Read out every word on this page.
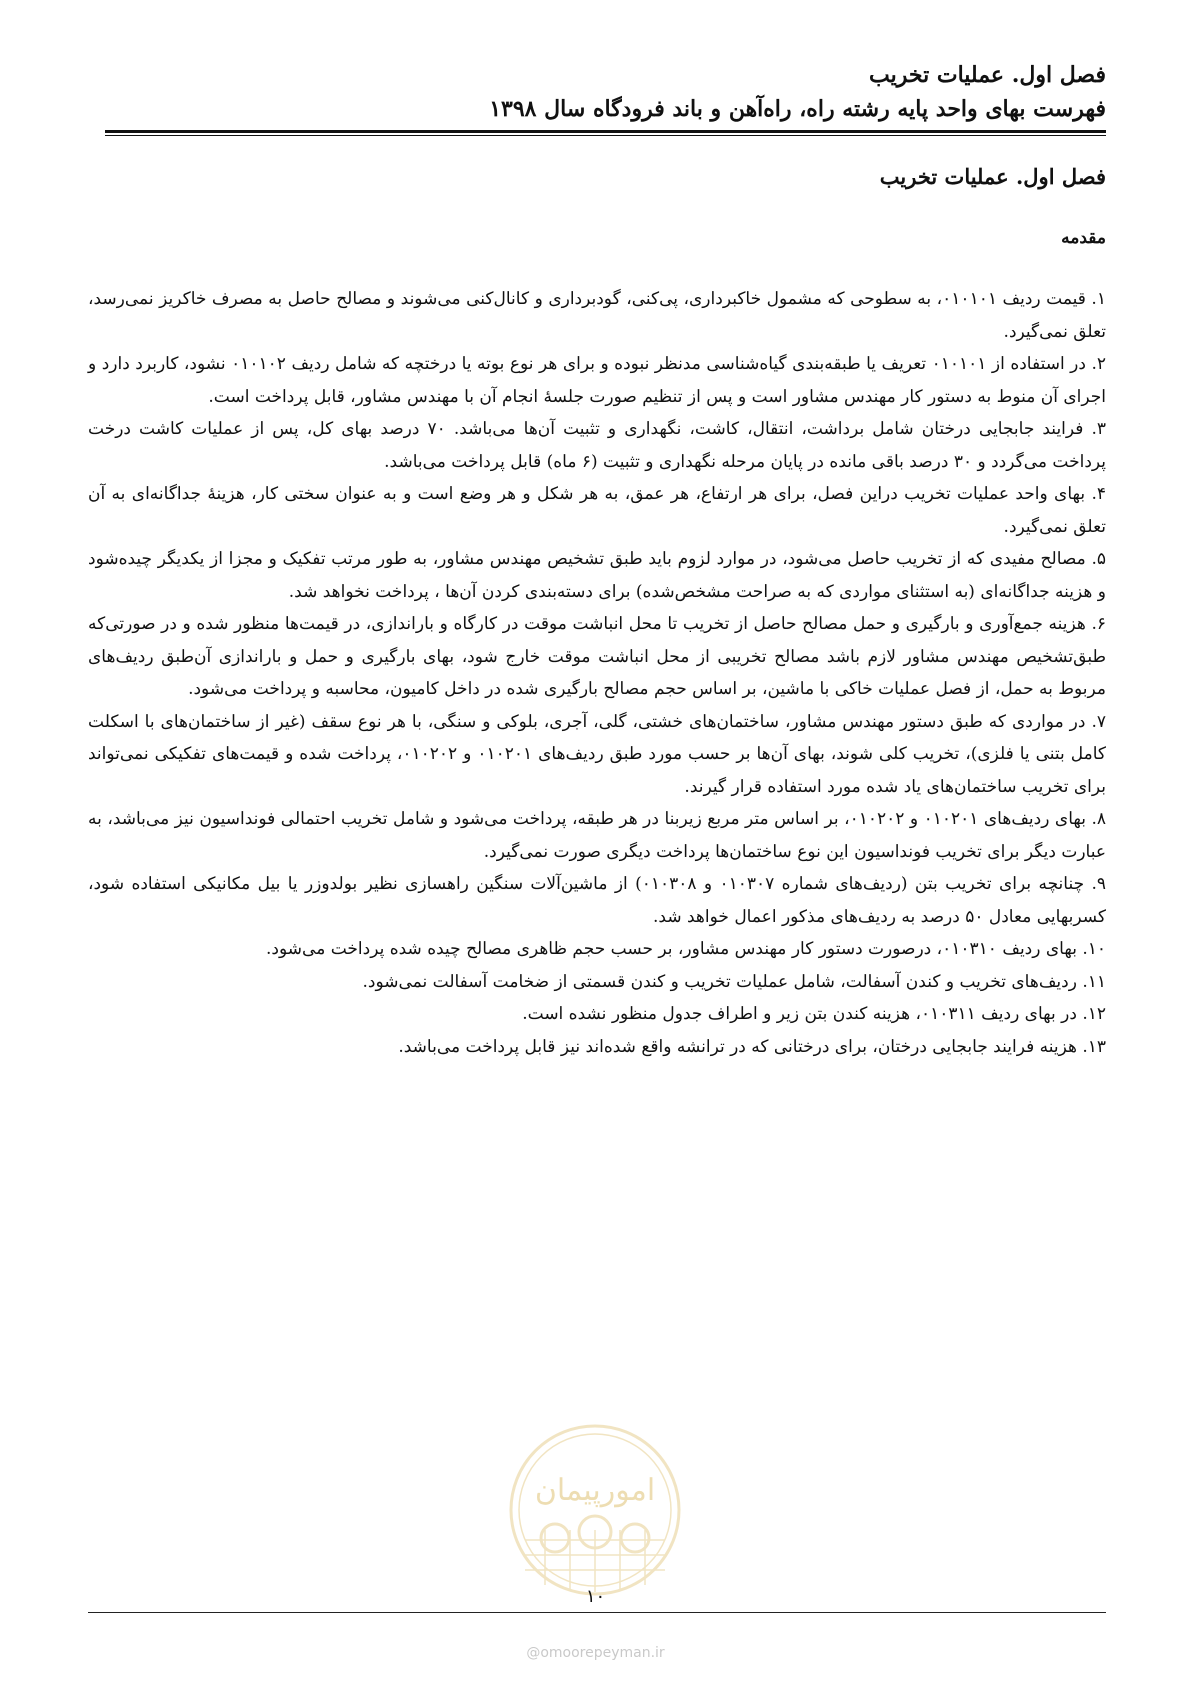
فصل اول. عملیات تخریب
فهرست بهای واحد پایه رشته راه، راه‌آهن و باند فرودگاه سال ۱۳۹۸
فصل اول. عملیات تخریب
مقدمه

۱. قیمت ردیف ۰۱۰۱۰۱، به سطوحی که مشمول خاکبرداری، پی‌کنی، گودبرداری و کانال‌کنی می‌شوند و مصالح حاصل به مصرف خاکریز نمی‌رسد، تعلق نمی‌گیرد.

۲. در استفاده از ۰۱۰۱۰۱ تعریف یا طبقه‌بندی گیاه‌شناسی مدنظر نبوده و برای هر نوع بوته یا درختچه که شامل ردیف ۰۱۰۱۰۲ نشود، کاربرد دارد و اجرای آن منوط به دستور کار مهندس مشاور است و پس از تنظیم صورت جلسهٔ انجام آن با مهندس مشاور، قابل پرداخت است.

۳. فرایند جابجایی درختان شامل برداشت، انتقال، کاشت، نگهداری و تثبیت آن‌ها می‌باشد. ۷۰ درصد بهای کل، پس از عملیات کاشت درخت پرداخت می‌گردد و ۳۰ درصد باقی مانده در پایان مرحله نگهداری و تثبیت (۶ ماه) قابل پرداخت می‌باشد.

۴. بهای واحد عملیات تخریب دراین فصل، برای هر ارتفاع، هر عمق، به هر شکل و هر وضع است و به عنوان سختی کار، هزینهٔ جداگانه‌ای به آن تعلق نمی‌گیرد.

۵. مصالح مفیدی که از تخریب حاصل می‌شود، در موارد لزوم باید طبق تشخیص مهندس مشاور، به طور مرتب تفکیک و مجزا از یکدیگر چیده‌شود و هزینه جداگانه‌ای (به استثنای مواردی که به صراحت مشخص‌شده) برای دسته‌بندی کردن آن‌ها ، پرداخت نخواهد شد.

۶. هزینه جمع‌آوری و بارگیری و حمل مصالح حاصل از تخریب تا محل انباشت موقت در کارگاه و باراندازی، در قیمت‌ها منظور شده و در صورتی‌که طبق‌تشخیص مهندس مشاور لازم باشد مصالح تخریبی از محل انباشت موقت خارج شود، بهای بارگیری و حمل و باراندازی آن‌طبق ردیف‌های مربوط به حمل، از فصل عملیات خاکی با ماشین، بر اساس حجم مصالح بارگیری شده در داخل کامیون، محاسبه و پرداخت می‌شود.

۷. در مواردی که طبق دستور مهندس مشاور، ساختمان‌های خشتی، گلی، آجری، بلوکی و سنگی، با هر نوع سقف (غیر از ساختمان‌های با اسکلت کامل بتنی یا فلزی)، تخریب کلی شوند، بهای آن‌ها بر حسب مورد طبق ردیف‌های ۰۱۰۲۰۱ و ۰۱۰۲۰۲، پرداخت شده و قیمت‌های تفکیکی نمی‌تواند برای تخریب ساختمان‌های یاد شده مورد استفاده قرار گیرند.

۸. بهای ردیف‌های ۰۱۰۲۰۱ و ۰۱۰۲۰۲، بر اساس متر مربع زیربنا در هر طبقه، پرداخت می‌شود و شامل تخریب احتمالی فونداسیون نیز می‌باشد، به عبارت دیگر برای تخریب فونداسیون این نوع ساختمان‌ها پرداخت دیگری صورت نمی‌گیرد.

۹. چنانچه برای تخریب بتن (ردیف‌های شماره ۰۱۰۳۰۷ و ۰۱۰۳۰۸) از ماشین‌آلات سنگین راهسازی نظیر بولدوزر یا بیل مکانیکی استفاده شود، کسربهایی معادل ۵۰ درصد به ردیف‌های مذکور اعمال خواهد شد.

۱۰. بهای ردیف ۰۱۰۳۱۰، درصورت دستور کار مهندس مشاور، بر حسب حجم ظاهری مصالح چیده شده پرداخت می‌شود.

۱۱. ردیف‌های تخریب و کندن آسفالت، شامل عملیات تخریب و کندن قسمتی از ضخامت آسفالت نمی‌شود.

۱۲. در بهای ردیف ۰۱۰۳۱۱، هزینه کندن بتن زیر و اطراف جدول منظور نشده است.

۱۳. هزینه فرایند جابجایی درختان، برای درختانی که در ترانشه واقع شده‌اند نیز قابل پرداخت می‌باشد.

امورپیمان
۱۰
@omoorepeyman.ir
